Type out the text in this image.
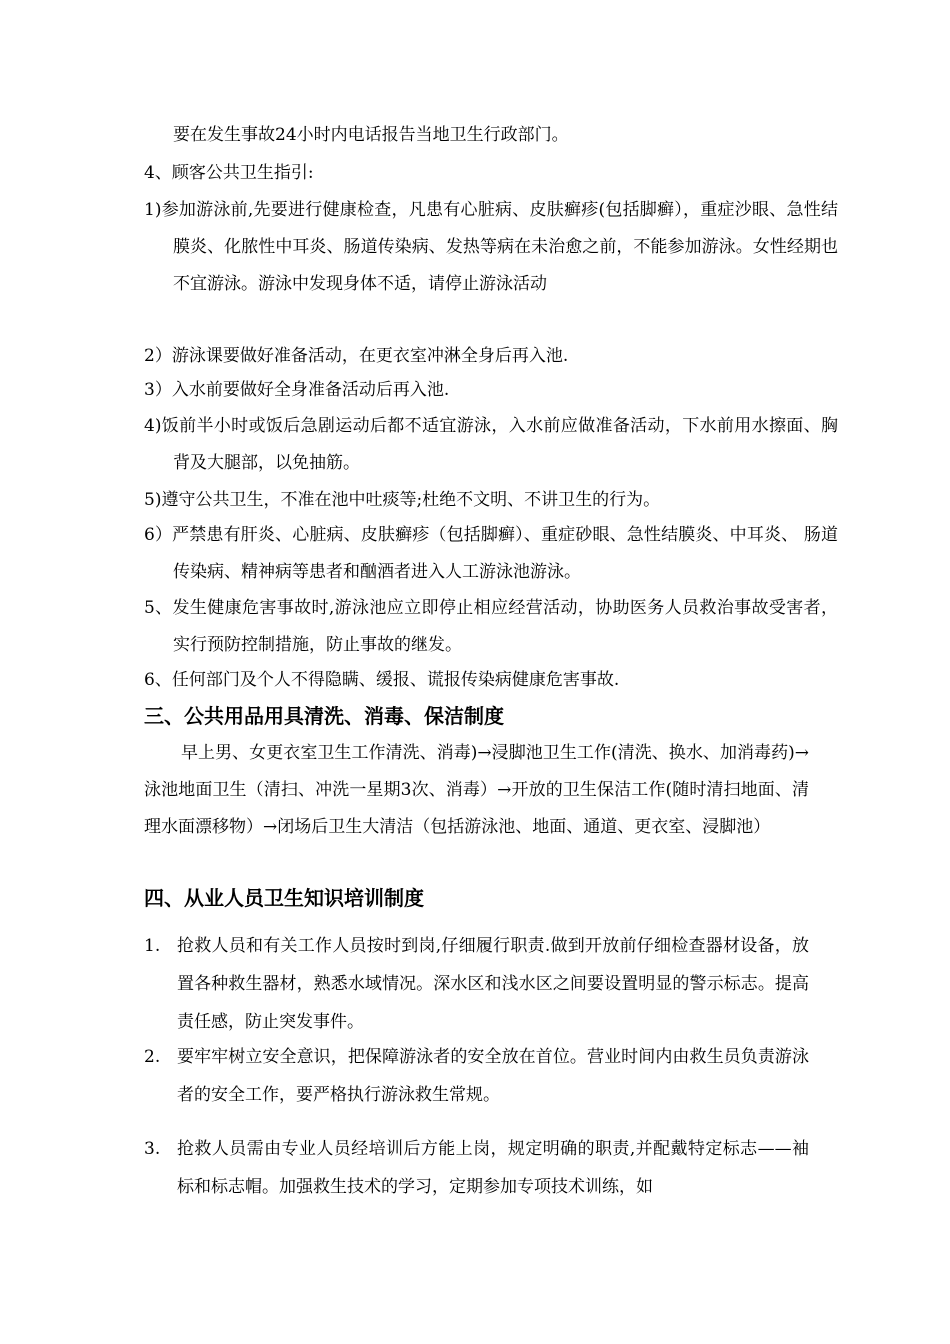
要在发生事故24小时内电话报告当地卫生行政部门。

4、顾客公共卫生指引:

1)参加游泳前,先要进行健康检查，凡患有心脏病、皮肤癣疹(包括脚癣），重症沙眼、急性结膜炎、化脓性中耳炎、肠道传染病、发热等病在未治愈之前，不能参加游泳。女性经期也不宜游泳。游泳中发现身体不适，请停止游泳活动

2）游泳课要做好准备活动，在更衣室冲淋全身后再入池.

3）入水前要做好全身准备活动后再入池.

4)饭前半小时或饭后急剧运动后都不适宜游泳，入水前应做准备活动，下水前用水擦面、胸背及大腿部，以免抽筋。

5)遵守公共卫生，不准在池中吐痰等;杜绝不文明、不讲卫生的行为。

6）严禁患有肝炎、心脏病、皮肤癣疹（包括脚癣）、重症砂眼、急性结膜炎、中耳炎、 肠道传染病、精神病等患者和酗酒者进入人工游泳池游泳。

5、发生健康危害事故时,游泳池应立即停止相应经营活动，协助医务人员救治事故受害者，实行预防控制措施，防止事故的继发。

6、任何部门及个人不得隐瞒、缓报、谎报传染病健康危害事故.

三、公共用品用具清洗、消毒、保洁制度

早上男、女更衣室卫生工作清洗、消毒)→浸脚池卫生工作(清洗、换水、加消毒药)→泳池地面卫生（清扫、冲洗一星期3次、消毒）→开放的卫生保洁工作(随时清扫地面、清理水面漂移物）→闭场后卫生大清洁（包括游泳池、地面、通道、更衣室、浸脚池）

四、从业人员卫生知识培训制度
1. 抢救人员和有关工作人员按时到岗,仔细履行职责.做到开放前仔细检查器材设备，放置各种救生器材，熟悉水域情况。深水区和浅水区之间要设置明显的警示标志。提高责任感，防止突发事件。
2. 要牢牢树立安全意识，把保障游泳者的安全放在首位。营业时间内由救生员负责游泳者的安全工作，要严格执行游泳救生常规。
3. 抢救人员需由专业人员经培训后方能上岗，规定明确的职责,并配戴特定标志——袖标和标志帽。加强救生技术的学习，定期参加专项技术训练，如
